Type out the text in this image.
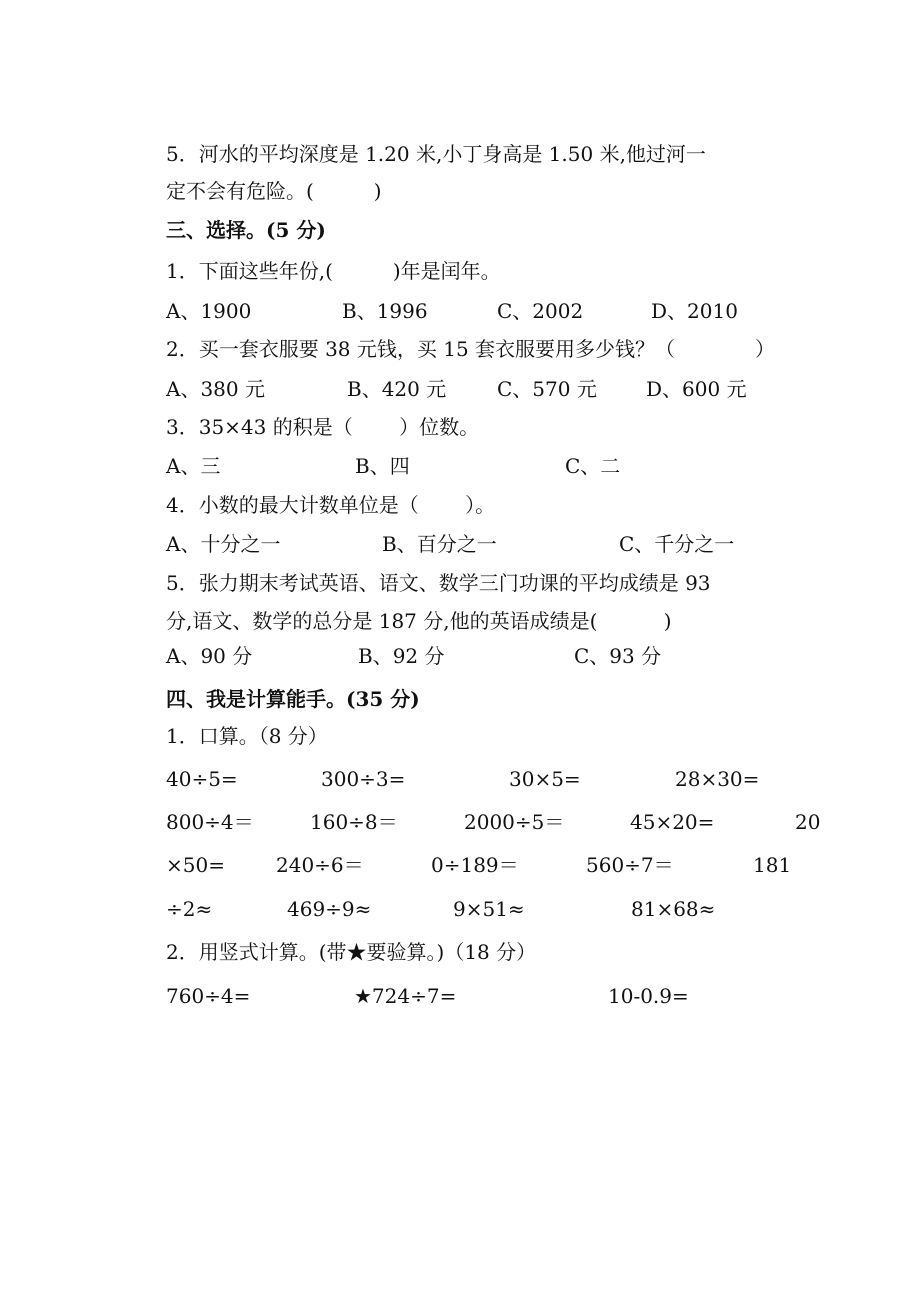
5．河水的平均深度是 1.20 米,小丁身高是 1.50 米,他过河一
定不会有危险。(　　　)
三、选择。(5 分)
1．下面这些年份,(　　　)年是闰年。
A、1900	B、1996	C、2002	D、2010
2．买一套衣服要 38 元钱，买 15 套衣服要用多少钱？（　　　　）
A、380 元	B、420 元	C、570 元 D、600 元
3．35×43 的积是（　　 ）位数。
A、三	B、四	C、二
4．小数的最大计数单位是（　　 ）。
A、十分之一	B、百分之一	C、千分之一
5．张力期末考试英语、语文、数学三门功课的平均成绩是 93
分,语文、数学的总分是 187 分,他的英语成绩是(　　　 )
A、90 分	B、92 分	C、93 分
四、我是计算能手。(35 分)
1．口算。（8 分）
40÷5=	300÷3=	30×5=	28×30=
800÷4＝	160÷8＝	2000÷5＝	45×20=	20
×50=	240÷6＝	0÷189＝	560÷7＝	181
÷2≈	469÷9≈	9×51≈	81×68≈
2．用竖式计算。(带★要验算。)（18 分）
760÷4=	★724÷7=	10-0.9=
